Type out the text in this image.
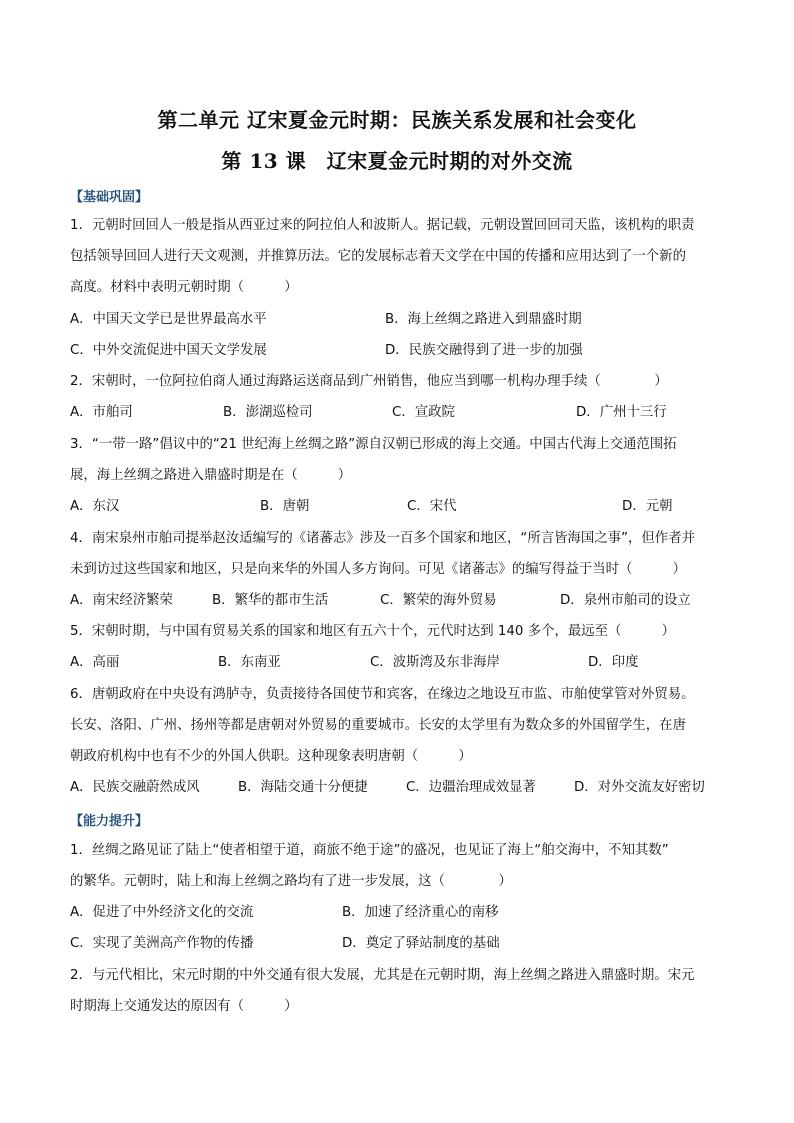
第二单元 辽宋夏金元时期：民族关系发展和社会变化
第 13 课　辽宋夏金元时期的对外交流
【基础巩固】
1．元朝时回回人一般是指从西亚过来的阿拉伯人和波斯人。据记载，元朝设置回回司天监，该机构的职责
包括领导回回人进行天文观测，并推算历法。它的发展标志着天文学在中国的传播和应用达到了一个新的
高度。材料中表明元朝时期（　　　）
A．中国天文学已是世界最高水平	B．海上丝绸之路进入到鼎盛时期
C．中外交流促进中国天文学发展	D．民族交融得到了进一步的加强
2．宋朝时，一位阿拉伯商人通过海路运送商品到广州销售，他应当到哪一机构办理手续（　　　　）
A．市舶司	B．澎湖巡检司	C．宣政院	D．广州十三行
3．“一带一路”倡议中的“21 世纪海上丝绸之路”源自汉朝已形成的海上交通。中国古代海上交通范围拓
展，海上丝绸之路进入鼎盛时期是在（　　　）
A．东汉	B．唐朝	C．宋代	D．元朝
4．南宋泉州市舶司提举赵汝适编写的《诸蕃志》涉及一百多个国家和地区，“所言皆海国之事”，但作者并
未到访过这些国家和地区，只是向来华的外国人多方询问。可见《诸蕃志》的编写得益于当时（　　　）
A．南宋经济繁荣	B．繁华的都市生活	C．繁荣的海外贸易	D．泉州市舶司的设立
5．宋朝时期，与中国有贸易关系的国家和地区有五六十个，元代时达到 140 多个，最远至（　　　）
A．高丽	B．东南亚	C．波斯湾及东非海岸	D．印度
6．唐朝政府在中央设有鸿胪寺，负责接待各国使节和宾客，在缘边之地设互市监、市舶使掌管对外贸易。
长安、洛阳、广州、扬州等都是唐朝对外贸易的重要城市。长安的太学里有为数众多的外国留学生，在唐
朝政府机构中也有不少的外国人供职。这种现象表明唐朝（　　　）
A．民族交融蔚然成风	B．海陆交通十分便捷	C．边疆治理成效显著	D．对外交流友好密切
【能力提升】
1．丝绸之路见证了陆上“使者相望于道，商旅不绝于途”的盛况，也见证了海上“舶交海中，不知其数”
的繁华。元朝时，陆上和海上丝绸之路均有了进一步发展，这（　　　　）
A．促进了中外经济文化的交流	B．加速了经济重心的南移
C．实现了美洲高产作物的传播	D．奠定了驿站制度的基础
2．与元代相比，宋元时期的中外交通有很大发展，尤其是在元朝时期，海上丝绸之路进入鼎盛时期。宋元
时期海上交通发达的原因有（　　　）
